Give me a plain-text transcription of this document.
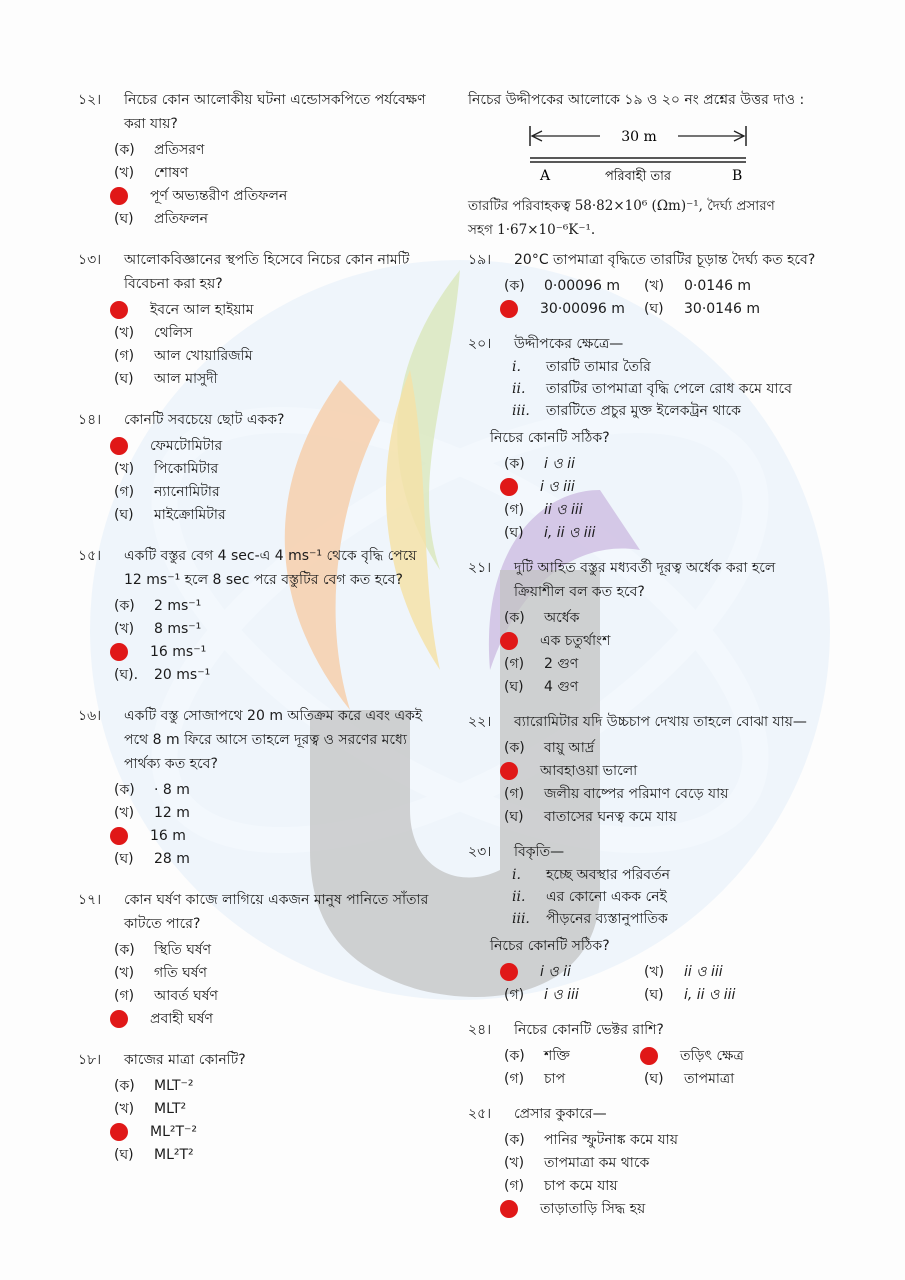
১২।	নিচের কোন আলোকীয় ঘটনা এন্ডোসকপিতে পর্যবেক্ষণ করা যায়?
(ক)	প্রতিসরণ
(খ)	শোষণ
পূর্ণ অভ্যন্তরীণ প্রতিফলন
(ঘ)	প্রতিফলন
১৩।	আলোকবিজ্ঞানের স্থপতি হিসেবে নিচের কোন নামটি বিবেচনা করা হয়?
ইবনে আল হাইয়াম
(খ)	থেলিস
(গ)	আল খোয়ারিজমি
(ঘ)	আল মাসুদী
১৪।	কোনটি সবচেয়ে ছোট একক?
ফেমটোমিটার
(খ)	পিকোমিটার
(গ)	ন্যানোমিটার
(ঘ)	মাইক্রোমিটার
১৫।	একটি বস্তুর বেগ 4 sec-এ 4 ms⁻¹ থেকে বৃদ্ধি পেয়ে 12 ms⁻¹ হলে 8 sec পরে বস্তুটির বেগ কত হবে?
(ক)	2 ms⁻¹
(খ)	8 ms⁻¹
16 ms⁻¹
(ঘ).	20 ms⁻¹
১৬।	একটি বস্তু সোজাপথে 20 m অতিক্রম করে এবং একই পথে 8 m ফিরে আসে তাহলে দূরত্ব ও সরণের মধ্যে পার্থক্য কত হবে?
(ক)	· 8 m
(খ)	12 m
16 m
(ঘ)	28 m
১৭।	কোন ঘর্ষণ কাজে লাগিয়ে একজন মানুষ পানিতে সাঁতার কাটতে পারে?
(ক)	স্থিতি ঘর্ষণ
(খ)	গতি ঘর্ষণ
(গ)	আবর্ত ঘর্ষণ
প্রবাহী ঘর্ষণ
১৮।	কাজের মাত্রা কোনটি?
(ক)	MLT⁻²
(খ)	MLT²
ML²T⁻²
(ঘ)	ML²T²
নিচের উদ্দীপকের আলোকে ১৯ ও ২০ নং প্রশ্নের উত্তর দাও :
30 m
A	পরিবাহী তার	B
তারটির পরিবাহকত্ব 58·82×10⁶ (Ωm)⁻¹, দৈর্ঘ্য প্রসারণ
সহগ 1·67×10⁻⁶K⁻¹.
১৯।	20°C তাপমাত্রা বৃদ্ধিতে তারটির চূড়ান্ত দৈর্ঘ্য কত হবে?
(ক)	0·00096 m (খ)	0·0146 m
30·00096 m (ঘ)	30·0146 m
২০।	উদ্দীপকের ক্ষেত্রে—
i.	তারটি তামার তৈরি
ii.	তারটির তাপমাত্রা বৃদ্ধি পেলে রোধ কমে যাবে
iii.	তারটিতে প্রচুর মুক্ত ইলেকট্রন থাকে
নিচের কোনটি সঠিক?
(ক)	i ও ii
i ও iii
(গ)	ii ও iii
(ঘ)	i, ii ও iii
২১।	দুটি আহিত বস্তুর মধ্যবর্তী দূরত্ব অর্ধেক করা হলে ক্রিয়াশীল বল কত হবে?
(ক)	অর্ধেক
এক চতুর্থাংশ
(গ)	2 গুণ
(ঘ)	4 গুণ
২২।	ব্যারোমিটার যদি উচ্চচাপ দেখায় তাহলে বোঝা যায়—
(ক)	বায়ু আর্দ্র
আবহাওয়া ভালো
(গ)	জলীয় বাষ্পের পরিমাণ বেড়ে যায়
(ঘ)	বাতাসের ঘনত্ব কমে যায়
২৩।	বিকৃতি—
i.	হচ্ছে অবস্থার পরিবর্তন
ii.	এর কোনো একক নেই
iii.	পীড়নের ব্যস্তানুপাতিক
নিচের কোনটি সঠিক?
i ও ii	(খ)	ii ও iii
(গ)	i ও iii	(ঘ)	i, ii ও iii
২৪।	নিচের কোনটি ভেক্টর রাশি?
(ক)	শক্তি	তড়িৎ ক্ষেত্র
(গ)	চাপ	(ঘ)	তাপমাত্রা
২৫।	প্রেসার কুকারে—
(ক)	পানির স্ফুটনাঙ্ক কমে যায়
(খ)	তাপমাত্রা কম থাকে
(গ)	চাপ কমে যায়
তাড়াতাড়ি সিদ্ধ হয়
